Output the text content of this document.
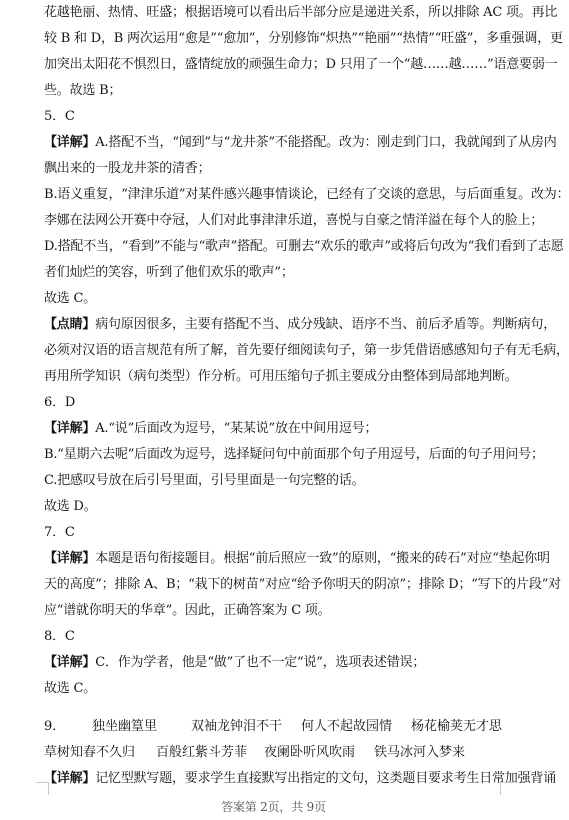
花越艳丽、热情、旺盛；根据语境可以看出后半部分应是递进关系，所以排除 AC 项。再比
较 B 和 D，B 两次运用“愈是”“愈加”，分别修饰“炽热”“艳丽”“热情”“旺盛”，多重强调，更
加突出太阳花不惧烈日，盛情绽放的顽强生命力；D 只用了一个“越……越……”语意要弱一
些。故选 B；
5．C
【详解】A.搭配不当，“闻到”与“龙井茶”不能搭配。改为：刚走到门口，我就闻到了从房内
飘出来的一股龙井茶的清香；
B.语义重复，“津津乐道”对某件感兴趣事情谈论，已经有了交谈的意思，与后面重复。改为：
李娜在法网公开赛中夺冠，人们对此事津津乐道，喜悦与自豪之情洋溢在每个人的脸上；
D.搭配不当，“看到”不能与“歌声”搭配。可删去“欢乐的歌声”或将后句改为“我们看到了志愿
者们灿烂的笑容，听到了他们欢乐的歌声”；
故选 C。
【点睛】病句原因很多，主要有搭配不当、成分残缺、语序不当、前后矛盾等。判断病句，
必须对汉语的语言规范有所了解，首先要仔细阅读句子，第一步凭借语感感知句子有无毛病，
再用所学知识（病句类型）作分析。可用压缩句子抓主要成分由整体到局部地判断。
6．D
【详解】A.“说”后面改为逗号，“某某说”放在中间用逗号；
B.“星期六去呢”后面改为逗号，选择疑问句中前面那个句子用逗号，后面的句子用问号；
C.把感叹号放在后引号里面，引号里面是一句完整的话。
故选 D。
7．C
【详解】本题是语句衔接题目。根据“前后照应一致”的原则，“搬来的砖石”对应“垫起你明
天的高度”；排除 A、B；“栽下的树苗”对应“给予你明天的阴凉”；排除 D；“写下的片段”对
应“谱就你明天的华章”。因此，正确答案为 C 项。
8．C
【详解】C．作为学者，他是“做”了也不一定“说”，选项表述错误；
故选 C。
9． 独坐幽篁里	双袖龙钟泪不干 何人不起故园情 杨花榆荚无才思
草树知春不久归 百般红紫斗芳菲 夜阑卧听风吹雨 铁马冰河入梦来
【详解】记忆型默写题，要求学生直接默写出指定的文句，这类题目要求考生日常加强背诵
答案第 2页，共 9页
